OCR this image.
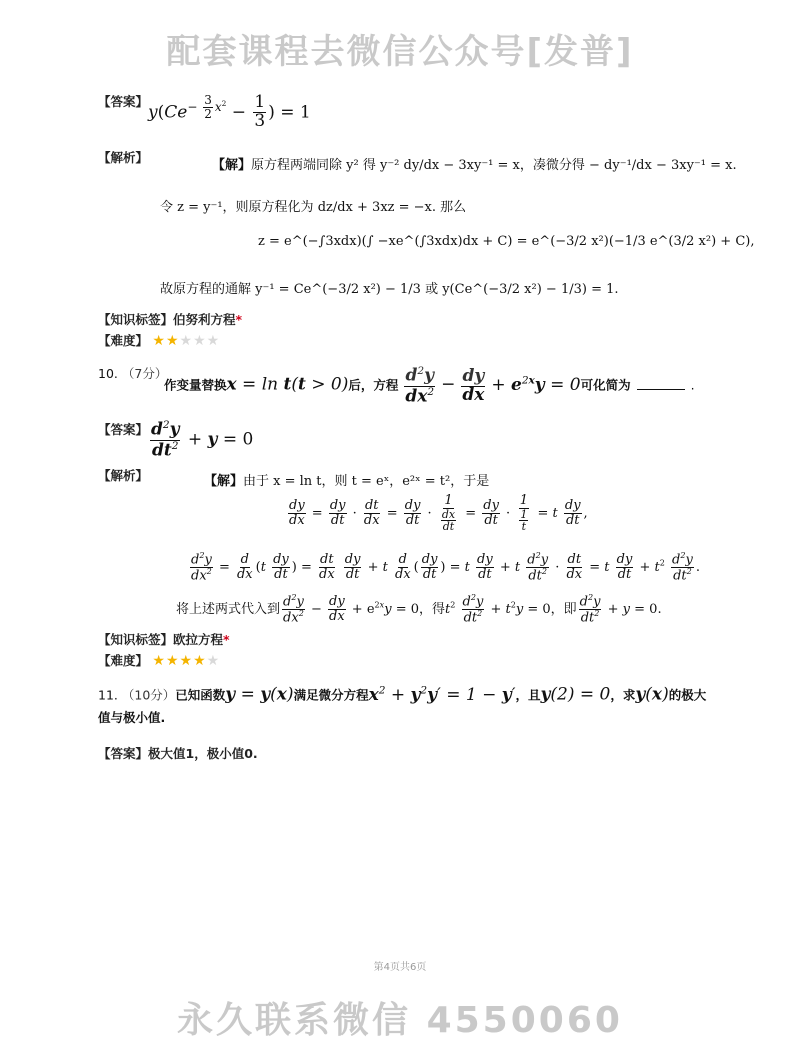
配套课程去微信公众号[发普]
永久联系微信 4550060
【答案】
$y(Ce^{- \frac{3}{2} x^2} - \frac{1}{3}$ ) = 1
【解析】
【解】原方程两端同除 y² 得 y⁻² dy/dx − 3xy⁻¹ = x，凑微分得 − dy⁻¹/dx − 3xy⁻¹ = x.
令 z = y⁻¹，则原方程化为 dz/dx + 3xz = −x. 那么
z = e^(−∫3xdx)(∫ −xe^(∫3xdx)dx + C) = e^(−3/2 x²)(−1/3 e^(3/2 x²) + C),
故原方程的通解 y⁻¹ = Ce^(−3/2 x²) − 1/3 或 y(Ce^(−3/2 x²) − 1/3) = 1.
【知识标签】伯努利方程*
【难度】 ★★★★★
10. （7分）
作变量替换x = ln t(t > 0)后，方程 $\frac{d^2y}{dx^2} - \frac{dy}{dx} + e^{2x}y = 0$可化简为	.
【答案】 $\frac{d^2y}{dt^2} + y = 0$
【解析】	【解】由于 x = ln t，则 t = eˣ，e²ˣ = t²，于是
$\frac{dy}{dx} = \frac{dy}{dt} \cdot \frac{dt}{dx} = \frac{dy}{dt} \cdot \frac{1}{\frac{dx}{dt}} = \frac{dy}{dt} \cdot \frac{1}{\frac{1}{t}} = t \frac{dy}{dt}$ ,
$\frac{d^2y}{dx^2} = \frac{d}{dx} (t \frac{dy}{dt}$ ) = $\frac{dt}{dx}$
$\frac{dy}{dt} + t \frac{d}{dx}$ ( $\frac{dy}{dt}$ ) = t $\frac{dy}{dt} + t \frac{d^2y}{dt^2} \cdot \frac{dt}{dx} = t \frac{dy}{dt} + t^2 \frac{d^2y}{dt^2}$ .
将上述两式代入到 $\frac{d^2y}{dx^2} - \frac{dy}{dx} + e^{2x}y = 0$，得$t^2 \frac{d^2y}{dt^2} + t^2y = 0$，即 $\frac{d^2y}{dt^2} + y = 0$.
【知识标签】欧拉方程*
【难度】 ★★★★★
11. （10分）已知函数y = y(x)满足微分方程$x^2 + y^2y' = 1 - y'$，且y(2) = 0，求y(x)的极大
值与极小值.
【答案】极大值1，极小值0.
第4页共6页
